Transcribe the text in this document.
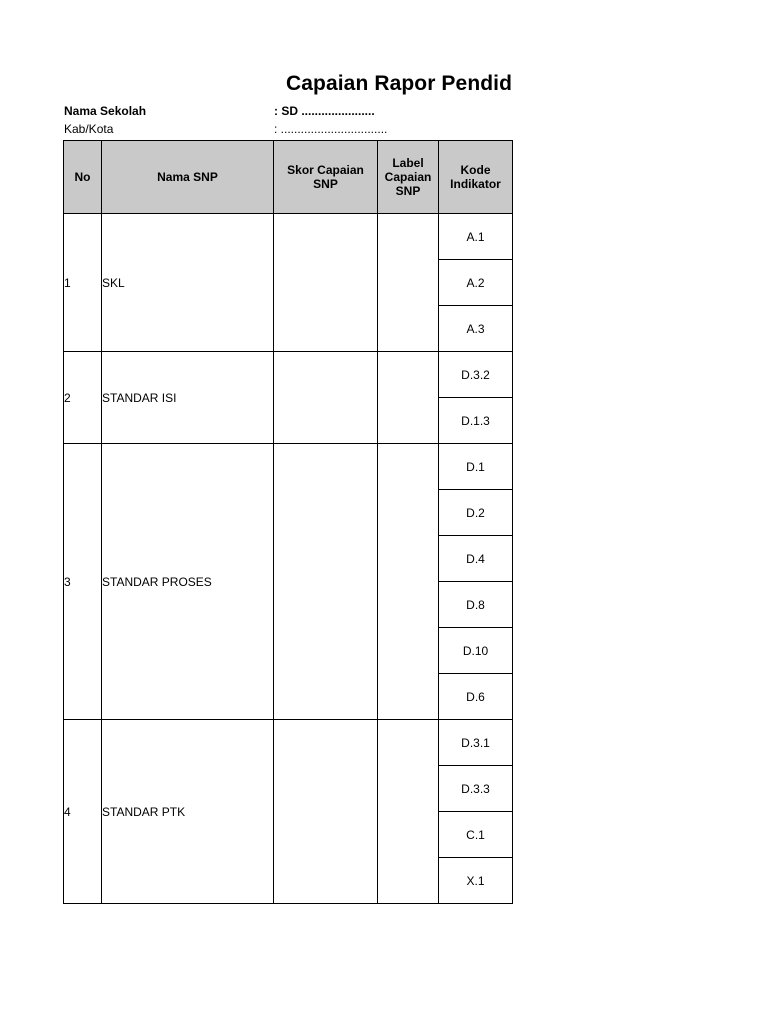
Capaian Rapor Pendid
Nama Sekolah	: SD ......................
Kab/Kota	: ................................
No	Nama SNP	Skor Capaian SNP	Label Capaian SNP	Kode Indikator
1	SKL			A.1
				A.2
				A.3
2	STANDAR ISI			D.3.2
				D.1.3
3	STANDAR PROSES			D.1
				D.2
				D.4
				D.8
				D.10
				D.6
4	STANDAR PTK			D.3.1
				D.3.3
				C.1
				X.1
